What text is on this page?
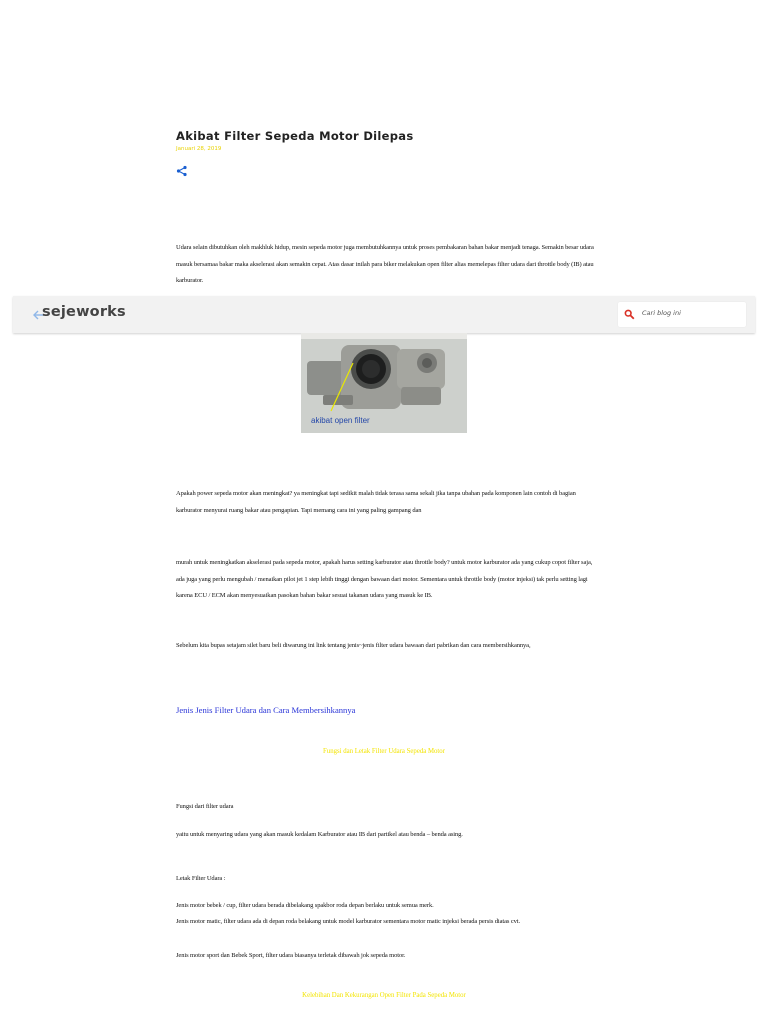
Akibat Filter Sepeda Motor Dilepas
Januari 28, 2019

Udara selain dibutuhkan oleh makhluk hidup, mesin sepeda motor juga membutuhkannya untuk proses pembakaran bahan bakar menjadi tenaga. Semakin besar udara masuk bersamaa bakar maka akselerasi akan semakin cepat. Atas dasar inilah para biker melakukan open filter alias memelepas filter udara dari throttle body (IB) atau karburator.

sejeworks
Cari blog ini
akibat open filter

Apakah power sepeda motor akan meningkat? ya meningkat tapi sedikit malah tidak terasa sama sekali jika tanpa ubahan pada komponen lain contoh di bagian karburator menyurai ruang bakar atau pengapian. Tapi memang cara ini yang paling gampang dan

murah untuk meningkatkan akselerasi pada sepeda motor, apakah harus setting karburator atau throttle body? untuk motor karburator ada yang cukup copot filter saja, ada juga yang perlu mengubah / menaikan pilot jet 1 step lebih tinggi dengan bawaan dari motor. Sementara untuk throttle body (motor injeksi) tak perlu setting lagi karena ECU / ECM akan menyesuaikan pasokan bahan bakar sesuai takanan udara yang masuk ke IB.

Sebelum kita bupas setajam silet baru beli diwarung ini link tentang jenis~jenis filter udara bawaan dari pabrikan dan cara membersihkannya,

Jenis Jenis Filter Udara dan Cara Membersihkannya
Fungsi dan Letak Filter Udara Sepeda Motor

Fungsi dari filter udara

yaitu untuk menyaring udara yang akan masuk kedalam Karburator atau IB dari partikel atau benda – benda asing.

Letak Filter Udara :

Jenis motor bebek / cup, filter udara berada dibelakang spakbor roda depan berlaku untuk semua merk.

Jenis motor matic, filter udara ada di depan roda belakang untuk model karburator sementara motor matic injeksi berada persis diatas cvt.

Jenis motor sport dan Bebek Sport, filter udara biasanya terletak dibawah jok sepeda motor.

Kelebihan Dan Kekurangan Open Filter Pada Sepeda Motor
